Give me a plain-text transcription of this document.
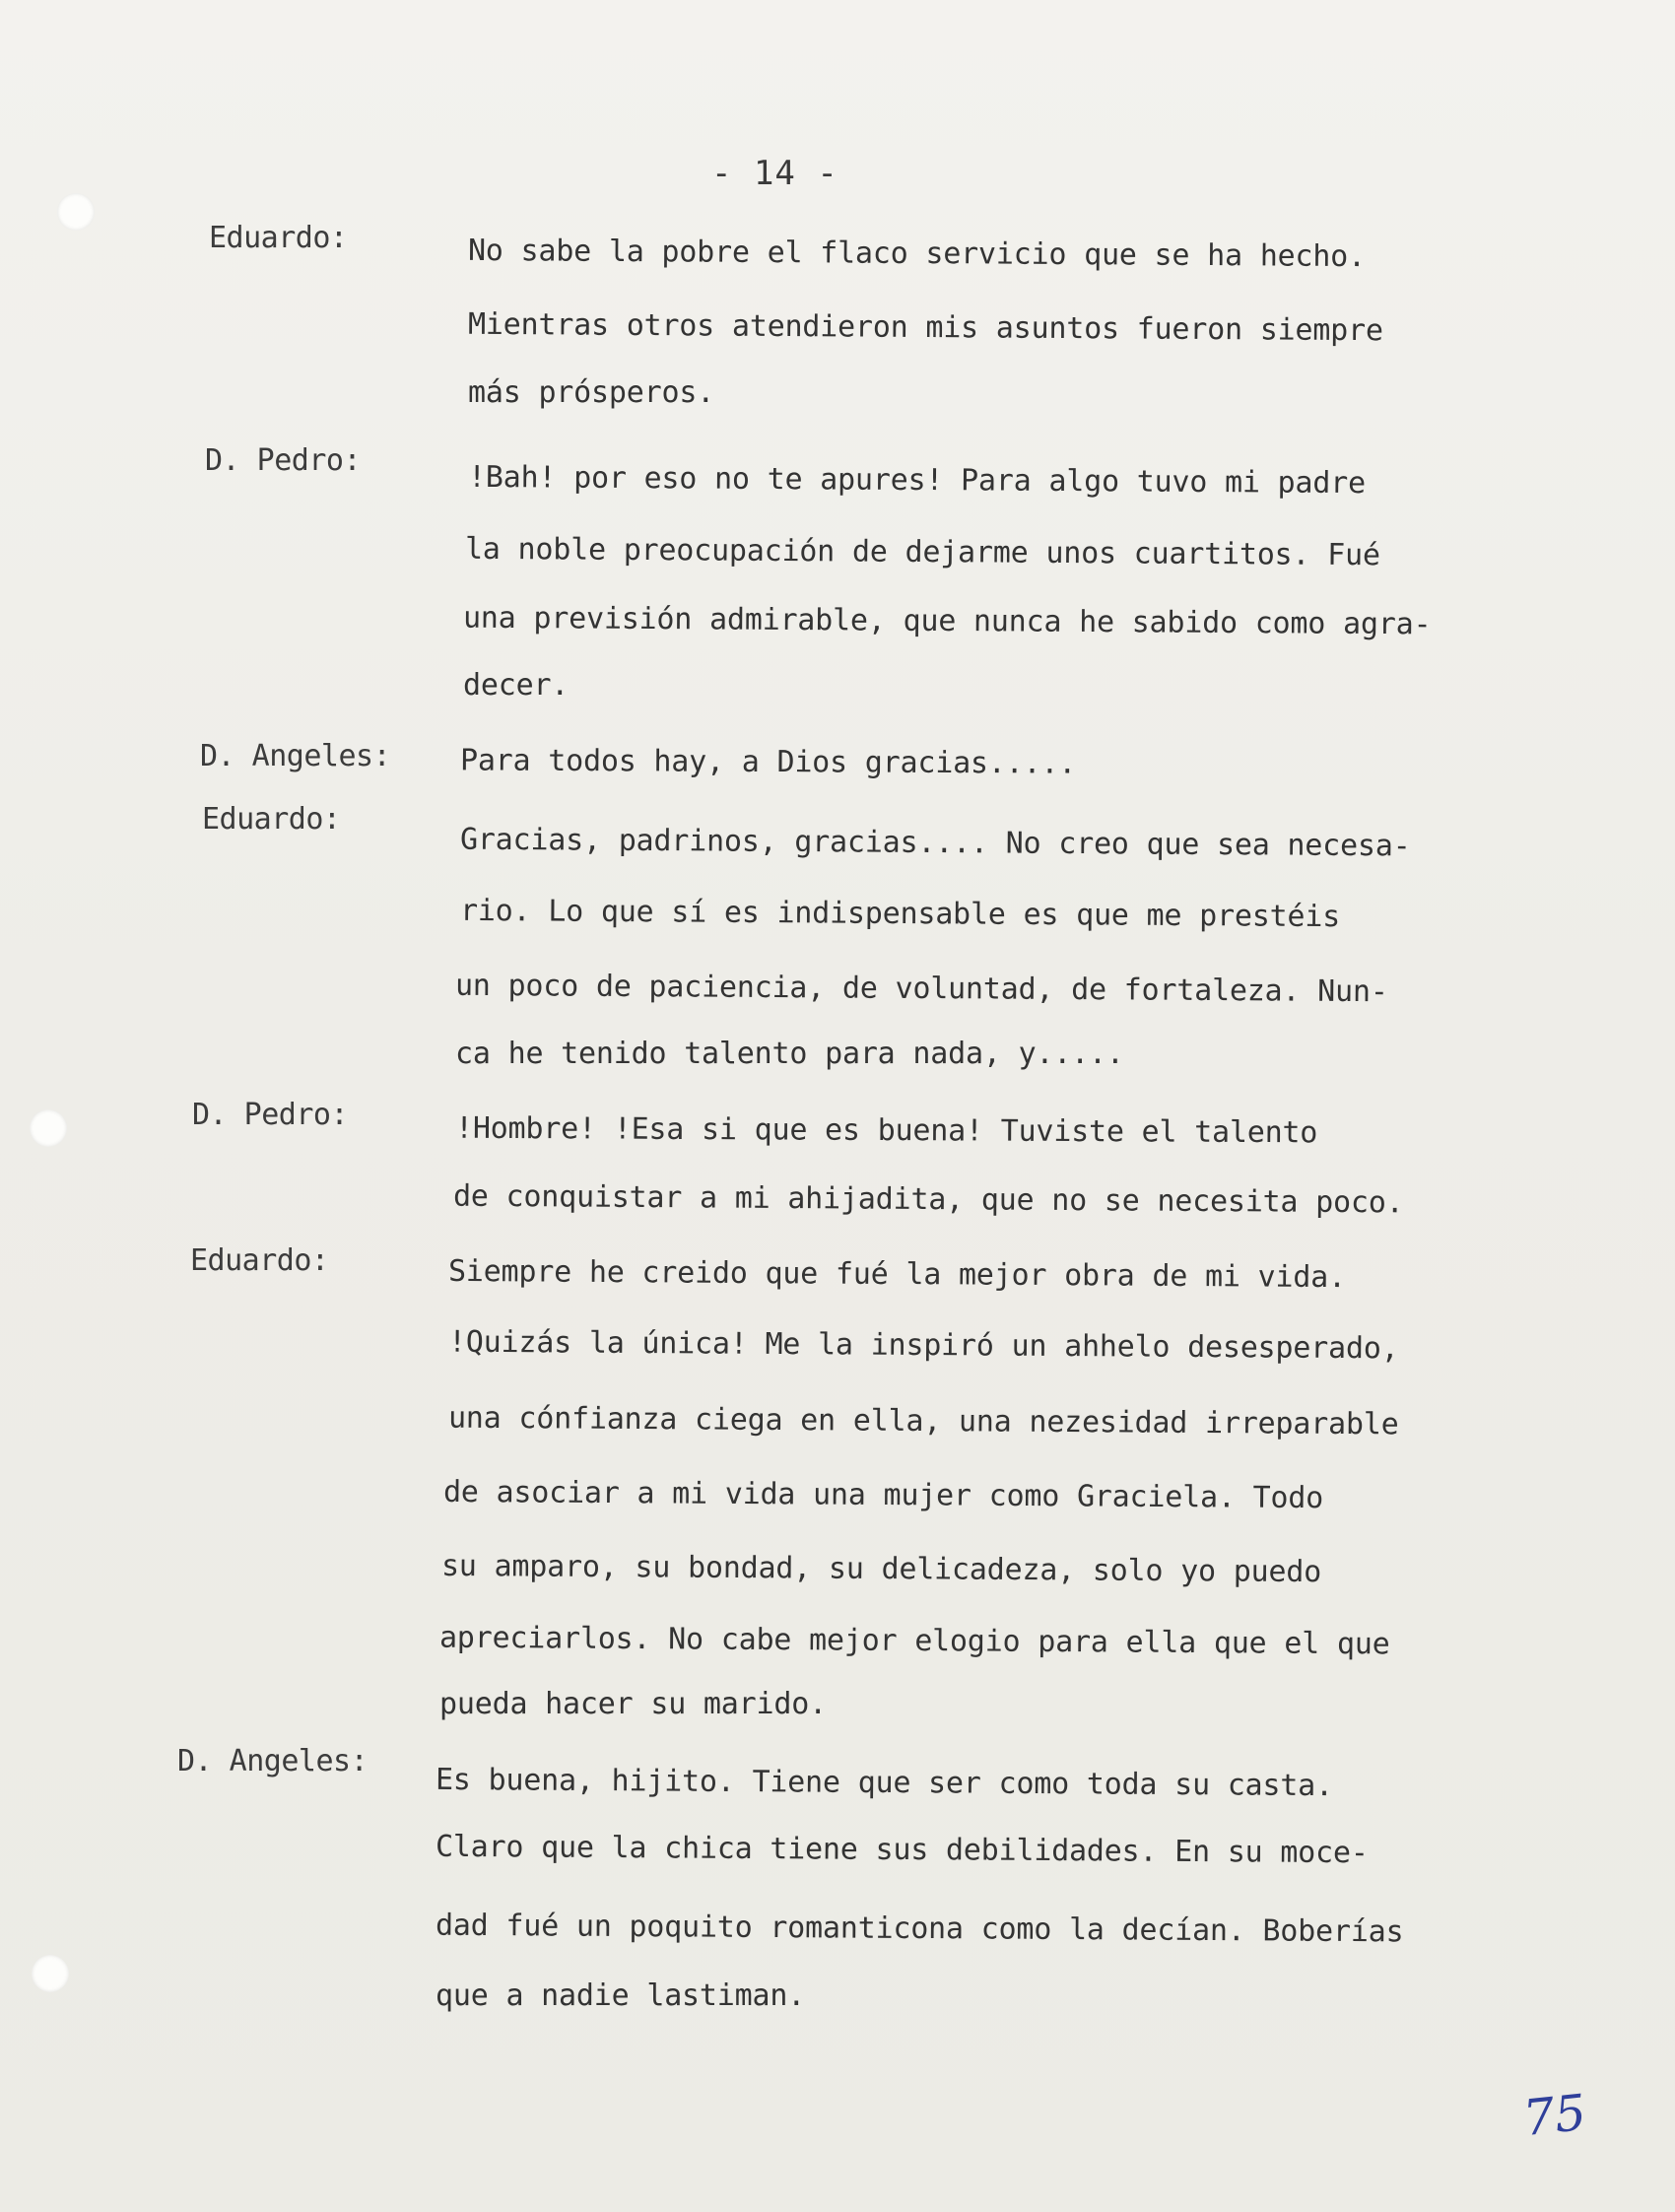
- 14 -
Eduardo:	No sabe la pobre el flaco servicio que se ha hecho.
Mientras otros atendieron mis asuntos fueron siempre
más prósperos.
D. Pedro:	!Bah! por eso no te apures! Para algo tuvo mi padre
la noble preocupación de dejarme unos cuartitos. Fué
una previsión admirable, que nunca he sabido como agra-
decer.
D. Angeles: Para todos hay, a Dios gracias.....
Eduardo:
Gracias, padrinos, gracias.... No creo que sea necesa-
rio. Lo que sí es indispensable es que me prestéis
un poco de paciencia, de voluntad, de fortaleza. Nun-
ca he tenido talento para nada, y.....
D. Pedro:	!Hombre! !Esa si que es buena! Tuviste el talento
de conquistar a mi ahijadita, que no se necesita poco.
Eduardo:	Siempre he creido que fué la mejor obra de mi vida.
!Quizás la única! Me la inspiró un ahhelo desesperado,
una cónfianza ciega en ella, una nezesidad irreparable
de asociar a mi vida una mujer como Graciela. Todo
su amparo, su bondad, su delicadeza, solo yo puedo
apreciarlos. No cabe mejor elogio para ella que el que
pueda hacer su marido.
D. Angeles:
Es buena, hijito. Tiene que ser como toda su casta.
Claro que la chica tiene sus debilidades. En su moce-
dad fué un poquito romanticona como la decían. Boberías
que a nadie lastiman.
75
